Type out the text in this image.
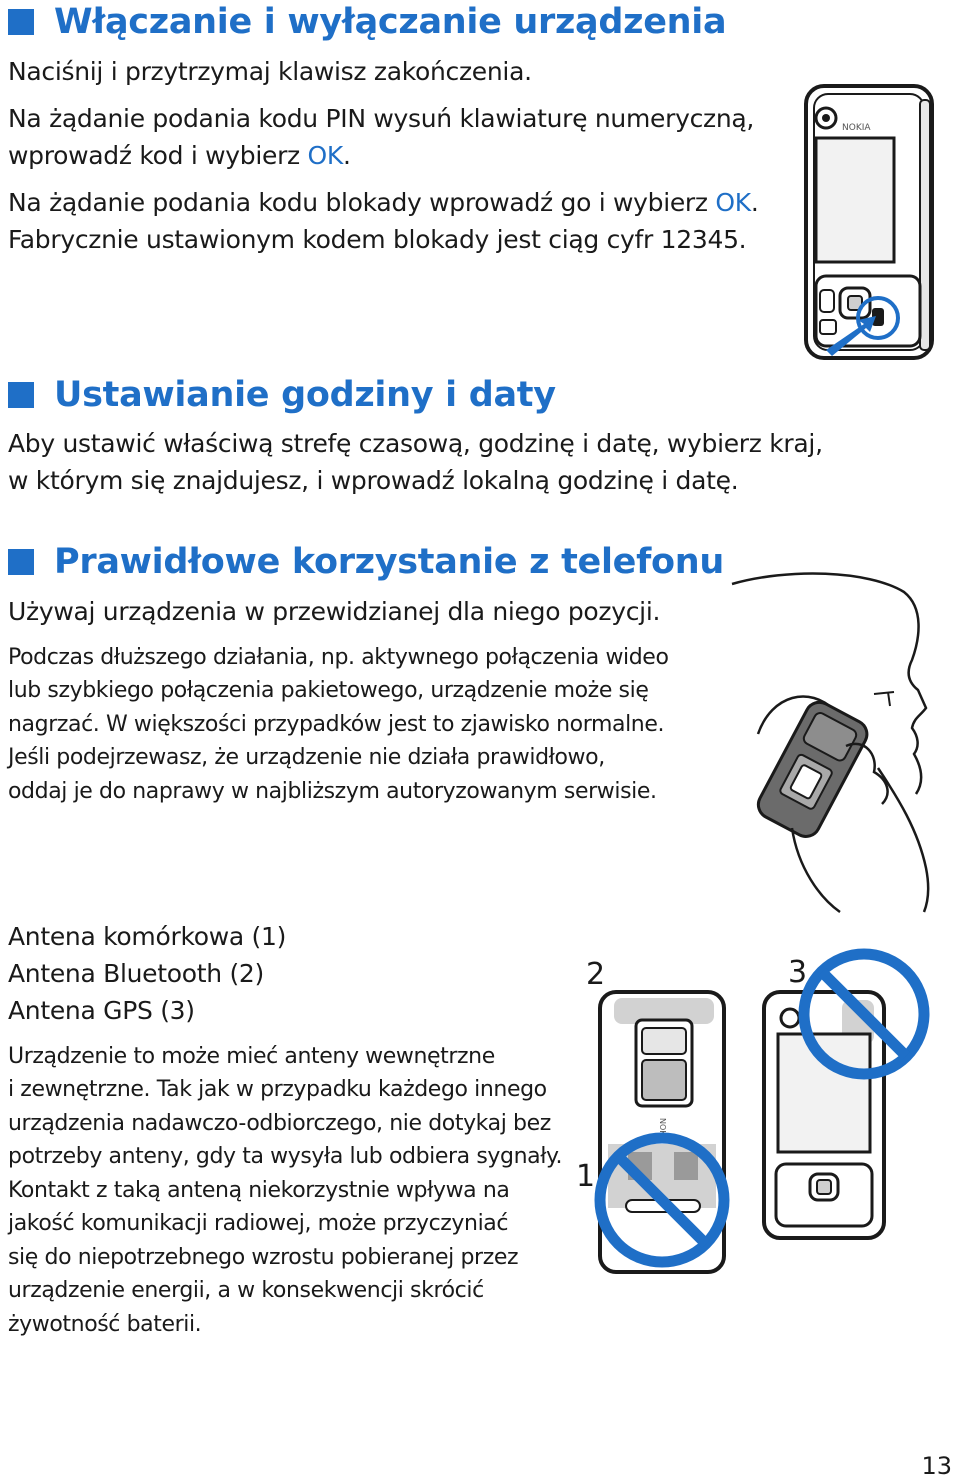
Włączanie i wyłączanie urządzenia
Naciśnij i przytrzymaj klawisz zakończenia.
Na żądanie podania kodu PIN wysuń klawiaturę numeryczną,
wprowadź kod i wybierz OK.
Na żądanie podania kodu blokady wprowadź go i wybierz OK.
Fabrycznie ustawionym kodem blokady jest ciąg cyfr 12345.
NOKIA
Ustawianie godziny i daty
Aby ustawić właściwą strefę czasową, godzinę i datę, wybierz kraj,
w którym się znajdujesz, i wprowadź lokalną godzinę i datę.
Prawidłowe korzystanie z telefonu
Używaj urządzenia w przewidzianej dla niego pozycji.
Podczas dłuższego działania, np. aktywnego połączenia wideo
lub szybkiego połączenia pakietowego, urządzenie może się
nagrzać. W większości przypadków jest to zjawisko normalne.
Jeśli podejrzewasz, że urządzenie nie działa prawidłowo,
oddaj je do naprawy w najbliższym autoryzowanym serwisie.
Antena komórkowa (1)
Antena Bluetooth (2)
Antena GPS (3)
Urządzenie to może mieć anteny wewnętrzne
i zewnętrzne. Tak jak w przypadku każdego innego
urządzenia nadawczo-odbiorczego, nie dotykaj bez
potrzeby anteny, gdy ta wysyła lub odbiera sygnały.
Kontakt z taką anteną niekorzystnie wpływa na
jakość komunikacji radiowej, może przyczyniać
się do niepotrzebnego wzrostu pobieranej przez
urządzenie energii, a w konsekwencji skrócić
żywotność baterii.
2	3
1
NOKIA
13
